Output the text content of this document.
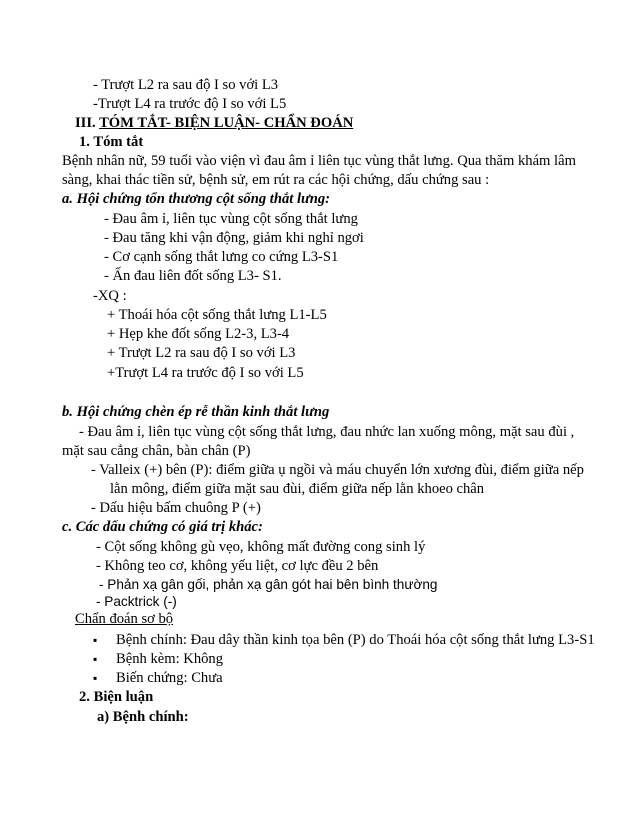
- Trượt L2 ra sau độ I so với L3
-Trượt L4 ra trước độ I so với L5
III. TÓM TẮT- BIỆN LUẬN- CHẨN ĐOÁN
1. Tóm tắt
Bệnh nhân nữ, 59 tuổi vào viện vì đau âm ỉ liên tục vùng thắt lưng. Qua thăm khám lâm
sàng, khai thác tiền sử, bệnh sử, em rút ra các hội chứng, dấu chứng sau :
a. Hội chứng tổn thương cột sống thắt lưng:
- Đau âm ỉ, liên tục vùng cột sống thắt lưng
- Đau tăng khi vận động, giảm khi nghỉ ngơi
- Cơ cạnh sống thắt lưng co cứng L3-S1
- Ấn đau liên đốt sống L3- S1.
-XQ :
+ Thoái hóa cột sống thắt lưng L1-L5
+ Hẹp khe đốt sống L2-3, L3-4
+ Trượt L2 ra sau độ I so với L3
+Trượt L4 ra trước độ I so với L5
b. Hội chứng chèn ép rễ thần kinh thắt lưng
- Đau âm ỉ, liên tục vùng cột sống thắt lưng, đau nhức lan xuống mông, mặt sau đùi ,
mặt sau cẳng chân, bàn chân (P)
- Valleix (+) bên (P): điểm giữa ụ ngồi và máu chuyển lớn xương đùi, điểm giữa nếp
lằn mông, điểm giữa mặt sau đùi, điểm giữa nếp lằn khoeo chân
- Dấu hiệu bấm chuông P (+)
c. Các dấu chứng có giá trị khác:
- Cột sống không gù vẹo, không mất đường cong sinh lý
- Không teo cơ, không yếu liệt, cơ lực đều 2 bên
- Phản xạ gân gối, phản xạ gân gót hai bên bình thường
- Packtrick (-)
Chẩn đoán sơ bộ
▪ Bệnh chính: Đau dây thần kinh tọa bên (P) do Thoái hóa cột sống thắt lưng L3-S1
▪ Bệnh kèm: Không
▪ Biến chứng: Chưa
2. Biện luận
a) Bệnh chính:
